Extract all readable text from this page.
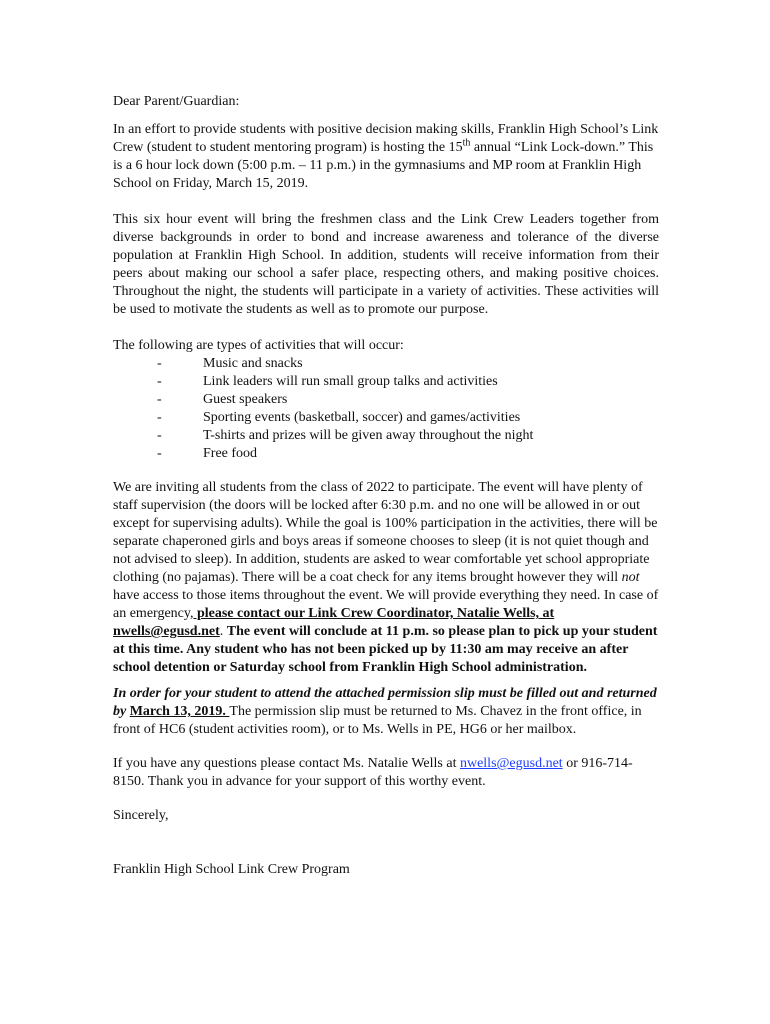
Dear Parent/Guardian:

In an effort to provide students with positive decision making skills, Franklin High School’s Link Crew (student to student mentoring program) is hosting the 15th annual “Link Lock-down.” This is a 6 hour lock down (5:00 p.m. – 11 p.m.) in the gymnasiums and MP room at Franklin High School on Friday, March 15, 2019.

This six hour event will bring the freshmen class and the Link Crew Leaders together from diverse backgrounds in order to bond and increase awareness and tolerance of the diverse population at Franklin High School. In addition, students will receive information from their peers about making our school a safer place, respecting others, and making positive choices. Throughout the night, the students will participate in a variety of activities. These activities will be used to motivate the students as well as to promote our purpose.

The following are types of activities that will occur:

-	Music and snacks
-	Link leaders will run small group talks and activities
-	Guest speakers
-	Sporting events (basketball, soccer) and games/activities
-	T-shirts and prizes will be given away throughout the night
-	Free food

We are inviting all students from the class of 2022 to participate. The event will have plenty of staff supervision (the doors will be locked after 6:30 p.m. and no one will be allowed in or out except for supervising adults). While the goal is 100% participation in the activities, there will be separate chaperoned girls and boys areas if someone chooses to sleep (it is not quiet though and not advised to sleep). In addition, students are asked to wear comfortable yet school appropriate clothing (no pajamas). There will be a coat check for any items brought however they will not have access to those items throughout the event. We will provide everything they need. In case of an emergency, please contact our Link Crew Coordinator, Natalie Wells, at nwells@egusd.net. The event will conclude at 11 p.m. so please plan to pick up your student at this time. Any student who has not been picked up by 11:30 am may receive an after school detention or Saturday school from Franklin High School administration.

In order for your student to attend the attached permission slip must be filled out and returned by March 13, 2019. The permission slip must be returned to Ms. Chavez in the front office, in front of HC6 (student activities room), or to Ms. Wells in PE, HG6 or her mailbox.

If you have any questions please contact Ms. Natalie Wells at nwells@egusd.net or 916-714-8150. Thank you in advance for your support of this worthy event.

Sincerely,

Franklin High School Link Crew Program
